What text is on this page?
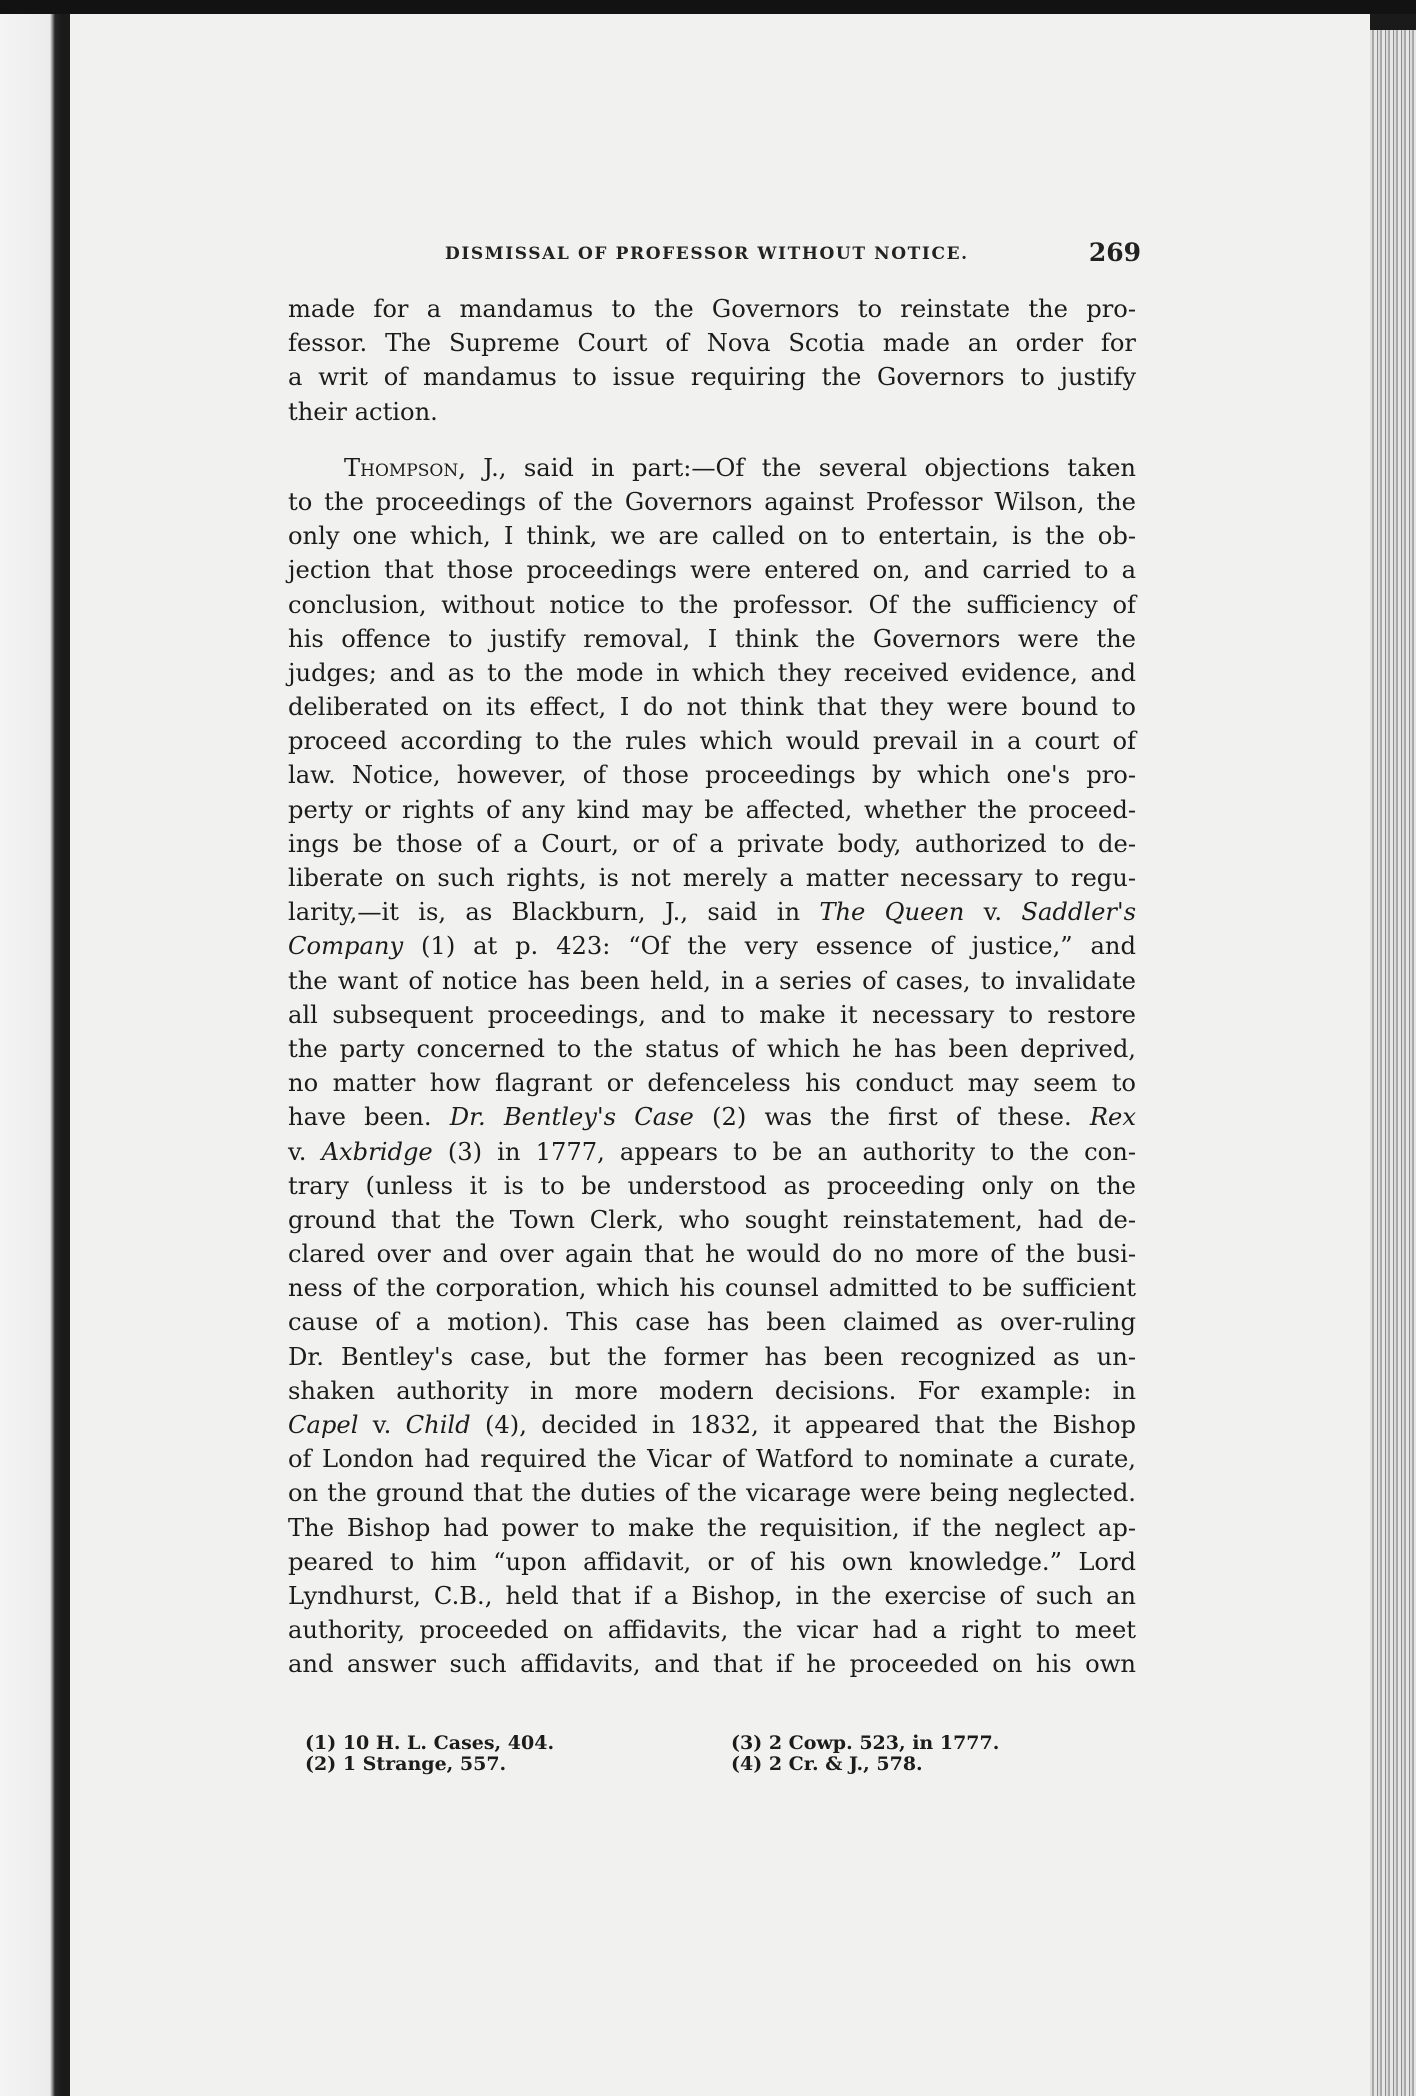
DISMISSAL OF PROFESSOR WITHOUT NOTICE.	269
made for a mandamus to the Governors to reinstate the pro-
fessor. The Supreme Court of Nova Scotia made an order for
a writ of mandamus to issue requiring the Governors to justify
their action.
Thompson, J., said in part:—Of the several objections taken
to the proceedings of the Governors against Professor Wilson, the
only one which, I think, we are called on to entertain, is the ob-
jection that those proceedings were entered on, and carried to a
conclusion, without notice to the professor. Of the sufficiency of
his offence to justify removal, I think the Governors were the
judges; and as to the mode in which they received evidence, and
deliberated on its effect, I do not think that they were bound to
proceed according to the rules which would prevail in a court of
law. Notice, however, of those proceedings by which one's pro-
perty or rights of any kind may be affected, whether the proceed-
ings be those of a Court, or of a private body, authorized to de-
liberate on such rights, is not merely a matter necessary to regu-
larity,—it is, as Blackburn, J., said in The Queen v. Saddler's
Company (1) at p. 423: “Of the very essence of justice,” and
the want of notice has been held, in a series of cases, to invalidate
all subsequent proceedings, and to make it necessary to restore
the party concerned to the status of which he has been deprived,
no matter how flagrant or defenceless his conduct may seem to
have been. Dr. Bentley's Case (2) was the first of these. Rex
v. Axbridge (3) in 1777, appears to be an authority to the con-
trary (unless it is to be understood as proceeding only on the
ground that the Town Clerk, who sought reinstatement, had de-
clared over and over again that he would do no more of the busi-
ness of the corporation, which his counsel admitted to be sufficient
cause of a motion). This case has been claimed as over-ruling
Dr. Bentley's case, but the former has been recognized as un-
shaken authority in more modern decisions. For example: in
Capel v. Child (4), decided in 1832, it appeared that the Bishop
of London had required the Vicar of Watford to nominate a curate,
on the ground that the duties of the vicarage were being neglected.
The Bishop had power to make the requisition, if the neglect ap-
peared to him “upon affidavit, or of his own knowledge.” Lord
Lyndhurst, C.B., held that if a Bishop, in the exercise of such an
authority, proceeded on affidavits, the vicar had a right to meet
and answer such affidavits, and that if he proceeded on his own
(1) 10 H. L. Cases, 404.
(2) 1 Strange, 557.
(3) 2 Cowp. 523, in 1777.
(4) 2 Cr. & J., 578.
